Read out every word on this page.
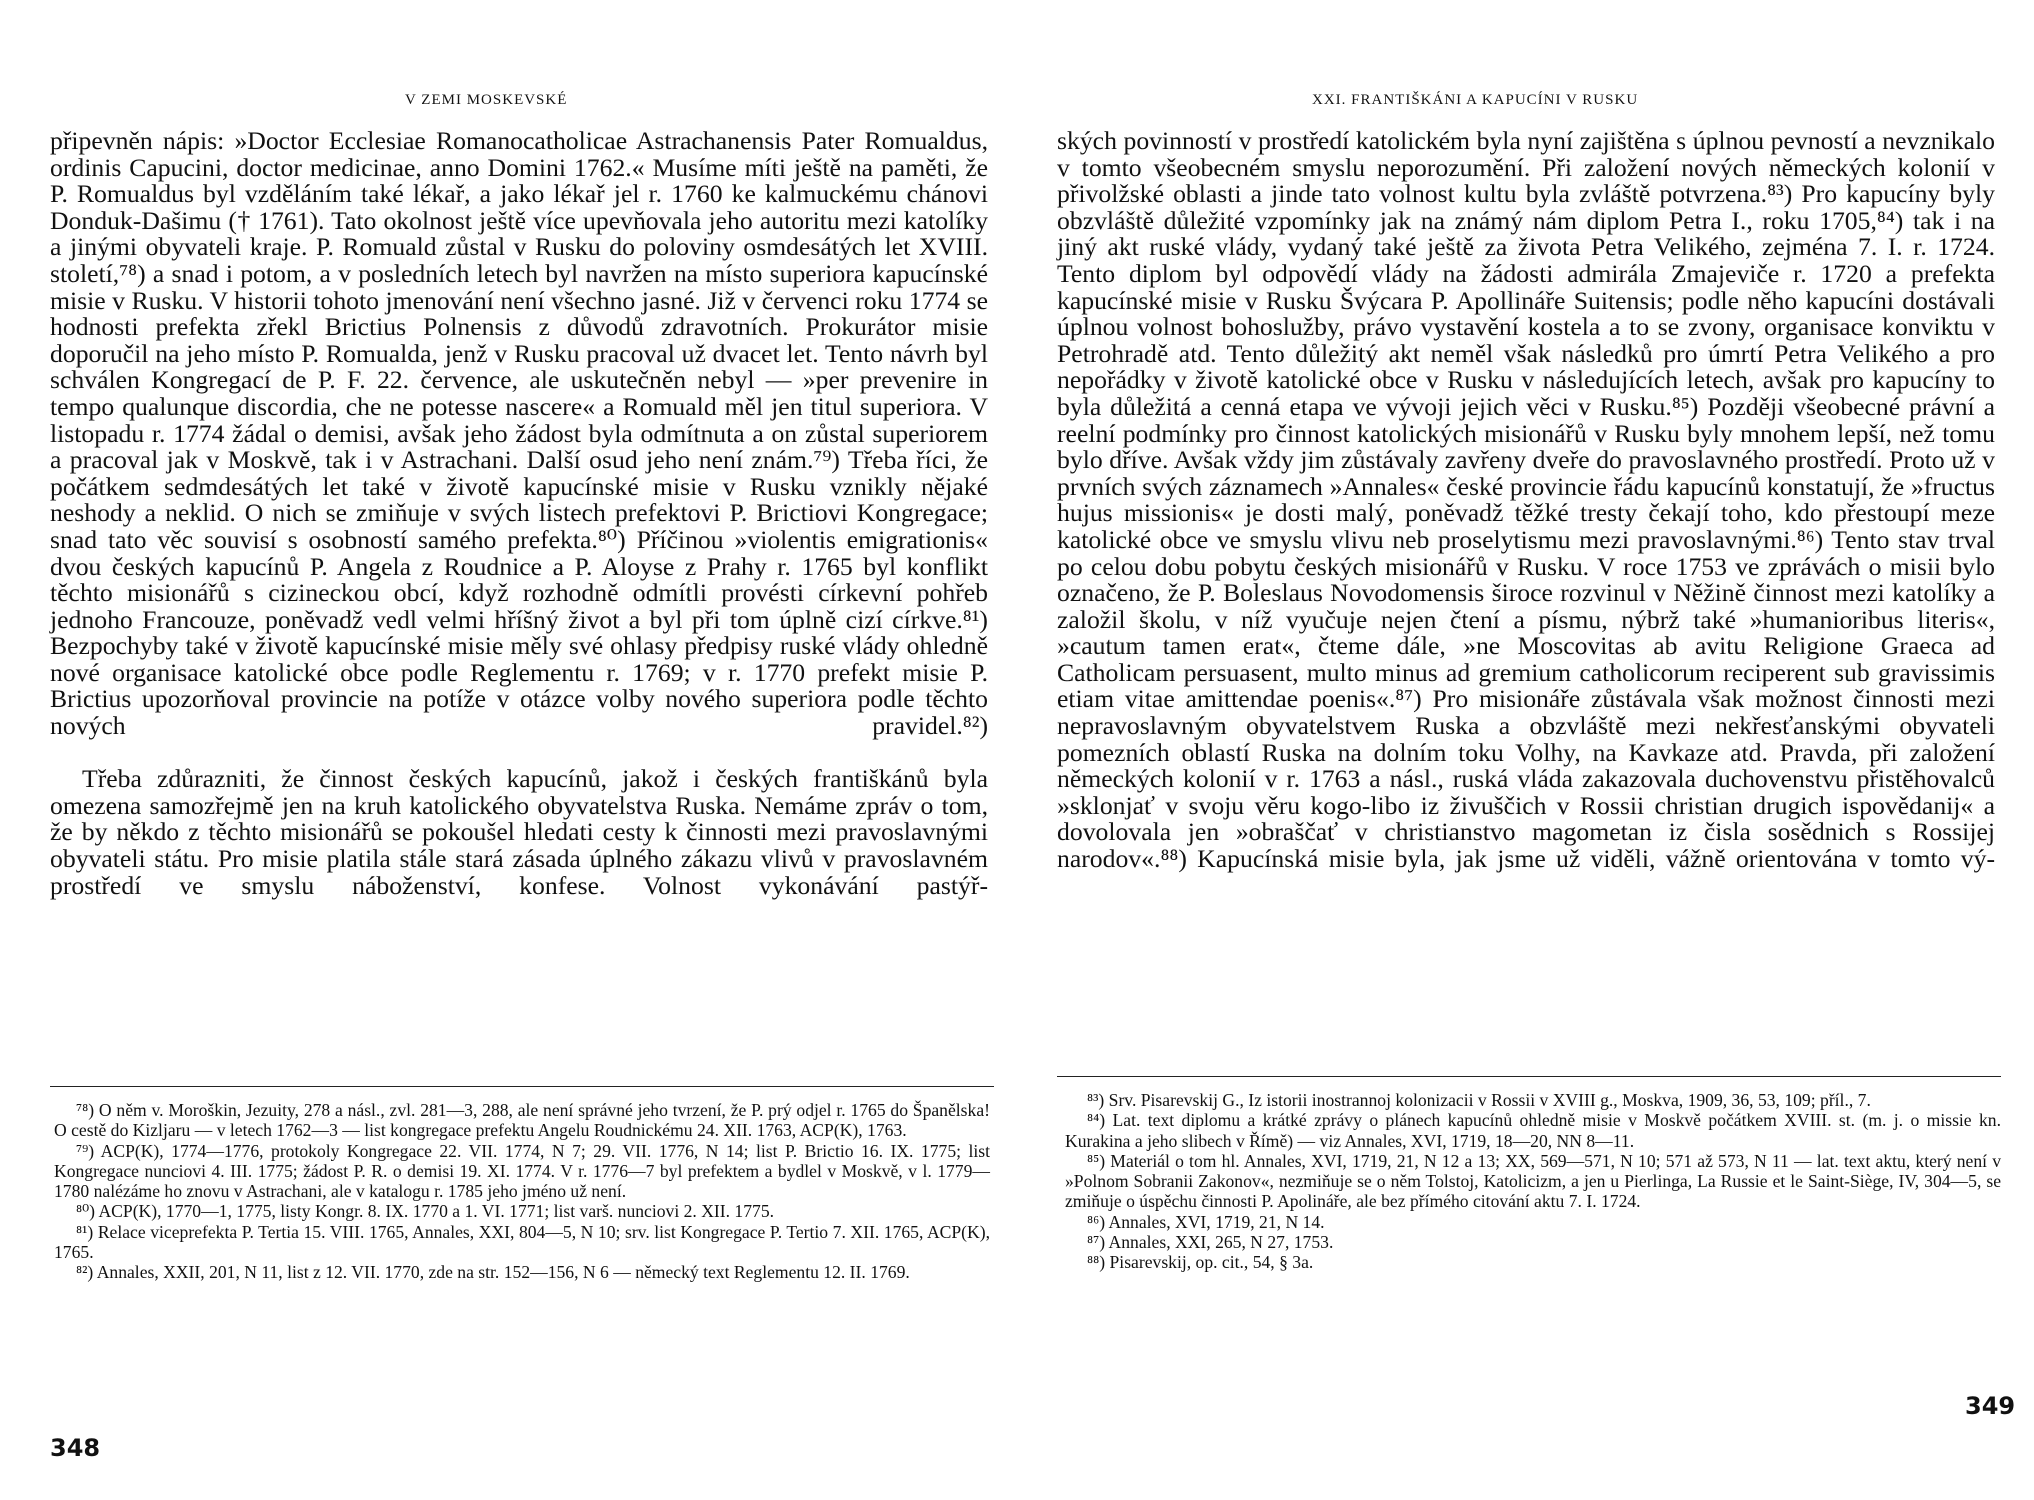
V ZEMI MOSKEVSKÉ

připevněn nápis: »Doctor Ecclesiae Romanocatholicae Astrachanensis Pater Romualdus, ordinis Capucini, doctor medicinae, anno Domini 1762.« Musíme míti ještě na paměti, že P. Romualdus byl vzděláním také lékař, a jako lékař jel r. 1760 ke kalmuckému chánovi Donduk-Dašimu († 1761). Tato okolnost ještě více upevňovala jeho autoritu mezi katolíky a jinými obyvateli kraje. P. Romuald zůstal v Rusku do poloviny osmdesátých let XVIII. století,⁷⁸) a snad i potom, a v posledních letech byl navržen na místo superiora kapucínské misie v Rusku. V historii tohoto jmenování není všechno jasné. Již v červenci roku 1774 se hodnosti prefekta zřekl Brictius Polnensis z důvodů zdravotních. Prokurátor misie doporučil na jeho místo P. Romualda, jenž v Rusku pracoval už dvacet let. Tento návrh byl schválen Kongregací de P. F. 22. července, ale uskutečněn nebyl — »per prevenire in tempo qualunque discordia, che ne potesse nascere« a Romuald měl jen titul superiora. V listopadu r. 1774 žádal o demisi, avšak jeho žádost byla odmítnuta a on zůstal superiorem a pracoval jak v Moskvě, tak i v Astrachani. Další osud jeho není znám.⁷⁹) Třeba říci, že počátkem sedmdesátých let také v životě kapucínské misie v Rusku vznikly nějaké neshody a neklid. O nich se zmiňuje v svých listech prefektovi P. Brictiovi Kongregace; snad tato věc souvisí s osobností samého prefekta.⁸⁰) Příčinou »violentis emigrationis« dvou českých kapucínů P. Angela z Roudnice a P. Aloyse z Prahy r. 1765 byl konflikt těchto misionářů s cizineckou obcí, když rozhodně odmítli provésti církevní pohřeb jednoho Francouze, poněvadž vedl velmi hříšný život a byl při tom úplně cizí církve.⁸¹) Bezpochyby také v životě kapucínské misie měly své ohlasy předpisy ruské vlády ohledně nové organisace katolické obce podle Reglementu r. 1769; v r. 1770 prefekt misie P. Brictius upozorňoval provincie na potíže v otázce volby nového superiora podle těchto nových pravidel.⁸²)

Třeba zdůrazniti, že činnost českých kapucínů, jakož i českých františkánů byla omezena samozřejmě jen na kruh katolického obyvatelstva Ruska. Nemáme zpráv o tom, že by někdo z těchto misionářů se pokoušel hledati cesty k činnosti mezi pravoslavnými obyvateli státu. Pro misie platila stále stará zásada úplného zákazu vlivů v pravoslavném prostředí ve smyslu náboženství, konfese. Volnost vykonávání pastýř-

⁷⁸) O něm v. Moroškin, Jezuity, 278 a násl., zvl. 281—3, 288, ale není správné jeho tvrzení, že P. prý odjel r. 1765 do Španělska! O cestě do Kizljaru — v letech 1762—3 — list kongregace prefektu Angelu Roudnickému 24. XII. 1763, ACP(K), 1763.

⁷⁹) ACP(K), 1774—1776, protokoly Kongregace 22. VII. 1774, N 7; 29. VII. 1776, N 14; list P. Brictio 16. IX. 1775; list Kongregace nunciovi 4. III. 1775; žádost P. R. o demisi 19. XI. 1774. V r. 1776—7 byl prefektem a bydlel v Moskvě, v l. 1779—1780 nalézáme ho znovu v Astrachani, ale v katalogu r. 1785 jeho jméno už není.

⁸⁰) ACP(K), 1770—1, 1775, listy Kongr. 8. IX. 1770 a 1. VI. 1771; list varš. nunciovi 2. XII. 1775.

⁸¹) Relace viceprefekta P. Tertia 15. VIII. 1765, Annales, XXI, 804—5, N 10; srv. list Kongregace P. Tertio 7. XII. 1765, ACP(K), 1765.

⁸²) Annales, XXII, 201, N 11, list z 12. VII. 1770, zde na str. 152—156, N 6 — německý text Reglementu 12. II. 1769.

348
XXI. FRANTIŠKÁNI A KAPUCÍNI V RUSKU

ských povinností v prostředí katolickém byla nyní zajištěna s úplnou pevností a nevznikalo v tomto všeobecném smyslu neporozumění. Při založení nových německých kolonií v přivolžské oblasti a jinde tato volnost kultu byla zvláště potvrzena.⁸³) Pro kapucíny byly obzvláště důležité vzpomínky jak na známý nám diplom Petra I., roku 1705,⁸⁴) tak i na jiný akt ruské vlády, vydaný také ještě za života Petra Velikého, zejména 7. I. r. 1724. Tento diplom byl odpovědí vlády na žádosti admirála Zmajeviče r. 1720 a prefekta kapucínské misie v Rusku Švýcara P. Apollináře Suitensis; podle něho kapucíni dostávali úplnou volnost bohoslužby, právo vystavění kostela a to se zvony, organisace konviktu v Petrohradě atd. Tento důležitý akt neměl však následků pro úmrtí Petra Velikého a pro nepořádky v životě katolické obce v Rusku v následujících letech, avšak pro kapucíny to byla důležitá a cenná etapa ve vývoji jejich věci v Rusku.⁸⁵) Později všeobecné právní a reelní podmínky pro činnost katolických misionářů v Rusku byly mnohem lepší, než tomu bylo dříve. Avšak vždy jim zůstávaly zavřeny dveře do pravoslavného prostředí. Proto už v prvních svých záznamech »Annales« české provincie řádu kapucínů konstatují, že »fructus hujus missionis« je dosti malý, poněvadž těžké tresty čekají toho, kdo přestoupí meze katolické obce ve smyslu vlivu neb proselytismu mezi pravoslavnými.⁸⁶) Tento stav trval po celou dobu pobytu českých misionářů v Rusku. V roce 1753 ve zprávách o misii bylo označeno, že P. Boleslaus Novodomensis široce rozvinul v Něžině činnost mezi katolíky a založil školu, v níž vyučuje nejen čtení a písmu, nýbrž také »humanioribus literis«, »cautum tamen erat«, čteme dále, »ne Moscovitas ab avitu Religione Graeca ad Catholicam persuasent, multo minus ad gremium catholicorum reciperent sub gravissimis etiam vitae amittendae poenis«.⁸⁷) Pro misionáře zůstávala však možnost činnosti mezi nepravoslavným obyvatelstvem Ruska a obzvláště mezi nekřesťanskými obyvateli pomezních oblastí Ruska na dolním toku Volhy, na Kavkaze atd. Pravda, při založení německých kolonií v r. 1763 a násl., ruská vláda zakazovala duchovenstvu přistěhovalců »sklonjať v svoju věru kogo-libo iz živuščich v Rossii christian drugich ispovědanij« a dovolovala jen »obraščať v christianstvo magometan iz čisla sosědnich s Rossijej narodov«.⁸⁸) Kapucínská misie byla, jak jsme už viděli, vážně orientována v tomto vý-

⁸³) Srv. Pisarevskij G., Iz istorii inostrannoj kolonizacii v Rossii v XVIII g., Moskva, 1909, 36, 53, 109; příl., 7.

⁸⁴) Lat. text diplomu a krátké zprávy o plánech kapucínů ohledně misie v Moskvě počátkem XVIII. st. (m. j. o missie kn. Kurakina a jeho slibech v Římě) — viz Annales, XVI, 1719, 18—20, NN 8—11.

⁸⁵) Materiál o tom hl. Annales, XVI, 1719, 21, N 12 a 13; XX, 569—571, N 10; 571 až 573, N 11 — lat. text aktu, který není v »Polnom Sobranii Zakonov«, nezmiňuje se o něm Tolstoj, Katolicizm, a jen u Pierlinga, La Russie et le Saint-Siège, IV, 304—5, se zmiňuje o úspěchu činnosti P. Apolináře, ale bez přímého citování aktu 7. I. 1724.

⁸⁶) Annales, XVI, 1719, 21, N 14.

⁸⁷) Annales, XXI, 265, N 27, 1753.

⁸⁸) Pisarevskij, op. cit., 54, § 3a.

349
